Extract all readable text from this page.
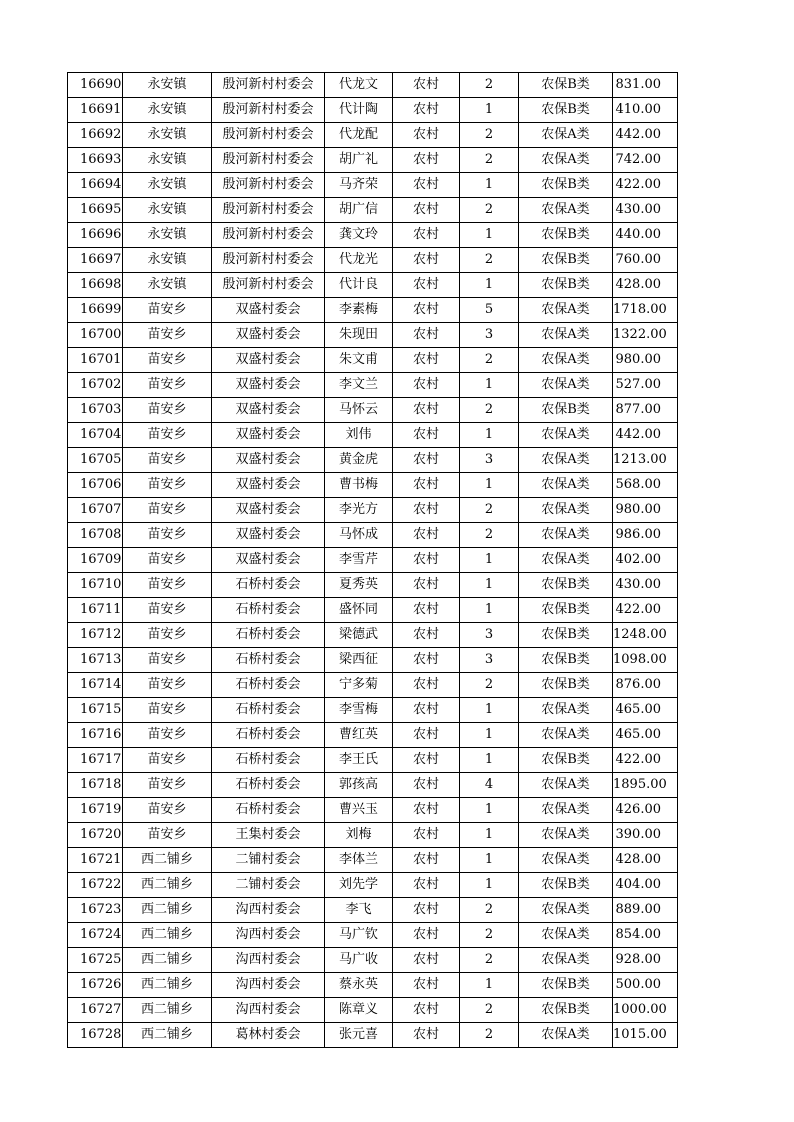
16690	永安镇	殷河新村村委会	代龙文	农村	2	农保B类	831.00
16691	永安镇	殷河新村村委会	代计陶	农村	1	农保B类	410.00
16692	永安镇	殷河新村村委会	代龙配	农村	2	农保A类	442.00
16693	永安镇	殷河新村村委会	胡广礼	农村	2	农保A类	742.00
16694	永安镇	殷河新村村委会	马齐荣	农村	1	农保B类	422.00
16695	永安镇	殷河新村村委会	胡广信	农村	2	农保A类	430.00
16696	永安镇	殷河新村村委会	龚文玲	农村	1	农保B类	440.00
16697	永安镇	殷河新村村委会	代龙光	农村	2	农保B类	760.00
16698	永安镇	殷河新村村委会	代计良	农村	1	农保B类	428.00
16699	苗安乡	双盛村委会	李素梅	农村	5	农保A类	1718.00
16700	苗安乡	双盛村委会	朱现田	农村	3	农保A类	1322.00
16701	苗安乡	双盛村委会	朱文甫	农村	2	农保A类	980.00
16702	苗安乡	双盛村委会	李文兰	农村	1	农保A类	527.00
16703	苗安乡	双盛村委会	马怀云	农村	2	农保B类	877.00
16704	苗安乡	双盛村委会	刘伟	农村	1	农保A类	442.00
16705	苗安乡	双盛村委会	黄金虎	农村	3	农保A类	1213.00
16706	苗安乡	双盛村委会	曹书梅	农村	1	农保A类	568.00
16707	苗安乡	双盛村委会	李光方	农村	2	农保A类	980.00
16708	苗安乡	双盛村委会	马怀成	农村	2	农保A类	986.00
16709	苗安乡	双盛村委会	李雪芹	农村	1	农保A类	402.00
16710	苗安乡	石桥村委会	夏秀英	农村	1	农保B类	430.00
16711	苗安乡	石桥村委会	盛怀同	农村	1	农保B类	422.00
16712	苗安乡	石桥村委会	梁德武	农村	3	农保B类	1248.00
16713	苗安乡	石桥村委会	梁西征	农村	3	农保B类	1098.00
16714	苗安乡	石桥村委会	宁多菊	农村	2	农保B类	876.00
16715	苗安乡	石桥村委会	李雪梅	农村	1	农保A类	465.00
16716	苗安乡	石桥村委会	曹红英	农村	1	农保A类	465.00
16717	苗安乡	石桥村委会	李王氏	农村	1	农保B类	422.00
16718	苗安乡	石桥村委会	郭孩高	农村	4	农保A类	1895.00
16719	苗安乡	石桥村委会	曹兴玉	农村	1	农保A类	426.00
16720	苗安乡	王集村委会	刘梅	农村	1	农保A类	390.00
16721	西二铺乡	二铺村委会	李体兰	农村	1	农保A类	428.00
16722	西二铺乡	二铺村委会	刘先学	农村	1	农保B类	404.00
16723	西二铺乡	沟西村委会	李飞	农村	2	农保A类	889.00
16724	西二铺乡	沟西村委会	马广钦	农村	2	农保A类	854.00
16725	西二铺乡	沟西村委会	马广收	农村	2	农保A类	928.00
16726	西二铺乡	沟西村委会	蔡永英	农村	1	农保B类	500.00
16727	西二铺乡	沟西村委会	陈章义	农村	2	农保B类	1000.00
16728	西二铺乡	葛林村委会	张元喜	农村	2	农保A类	1015.00
